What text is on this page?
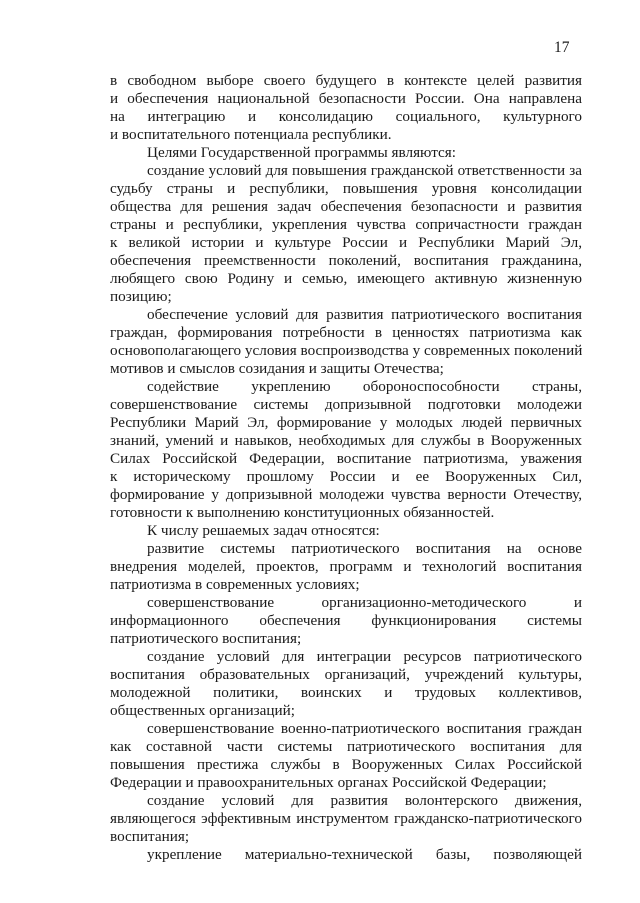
17
в свободном выборе своего будущего в контексте целей развития
и обеспечения национальной безопасности России. Она направлена
на интеграцию и консолидацию социального, культурного
и воспитательного потенциала республики.
Целями Государственной программы являются:
создание условий для повышения гражданской ответственности за
судьбу страны и республики, повышения уровня консолидации
общества для решения задач обеспечения безопасности и развития
страны и республики, укрепления чувства сопричастности граждан
к великой истории и культуре России и Республики Марий Эл,
обеспечения преемственности поколений, воспитания гражданина,
любящего свою Родину и семью, имеющего активную жизненную
позицию;
обеспечение условий для развития патриотического воспитания
граждан, формирования потребности в ценностях патриотизма как
основополагающего условия воспроизводства у современных поколений
мотивов и смыслов созидания и защиты Отечества;
содействие укреплению обороноспособности страны,
совершенствование системы допризывной подготовки молодежи
Республики Марий Эл, формирование у молодых людей первичных
знаний, умений и навыков, необходимых для службы в Вооруженных
Силах Российской Федерации, воспитание патриотизма, уважения
к историческому прошлому России и ее Вооруженных Сил,
формирование у допризывной молодежи чувства верности Отечеству,
готовности к выполнению конституционных обязанностей.
К числу решаемых задач относятся:
развитие системы патриотического воспитания на основе
внедрения моделей, проектов, программ и технологий воспитания
патриотизма в современных условиях;
совершенствование организационно-методического и
информационного обеспечения функционирования системы
патриотического воспитания;
создание условий для интеграции ресурсов патриотического
воспитания образовательных организаций, учреждений культуры,
молодежной политики, воинских и трудовых коллективов,
общественных организаций;
совершенствование военно-патриотического воспитания граждан
как составной части системы патриотического воспитания для
повышения престижа службы в Вооруженных Силах Российской
Федерации и правоохранительных органах Российской Федерации;
создание условий для развития волонтерского движения,
являющегося эффективным инструментом гражданско-патриотического
воспитания;
укрепление материально-технической базы, позволяющей
